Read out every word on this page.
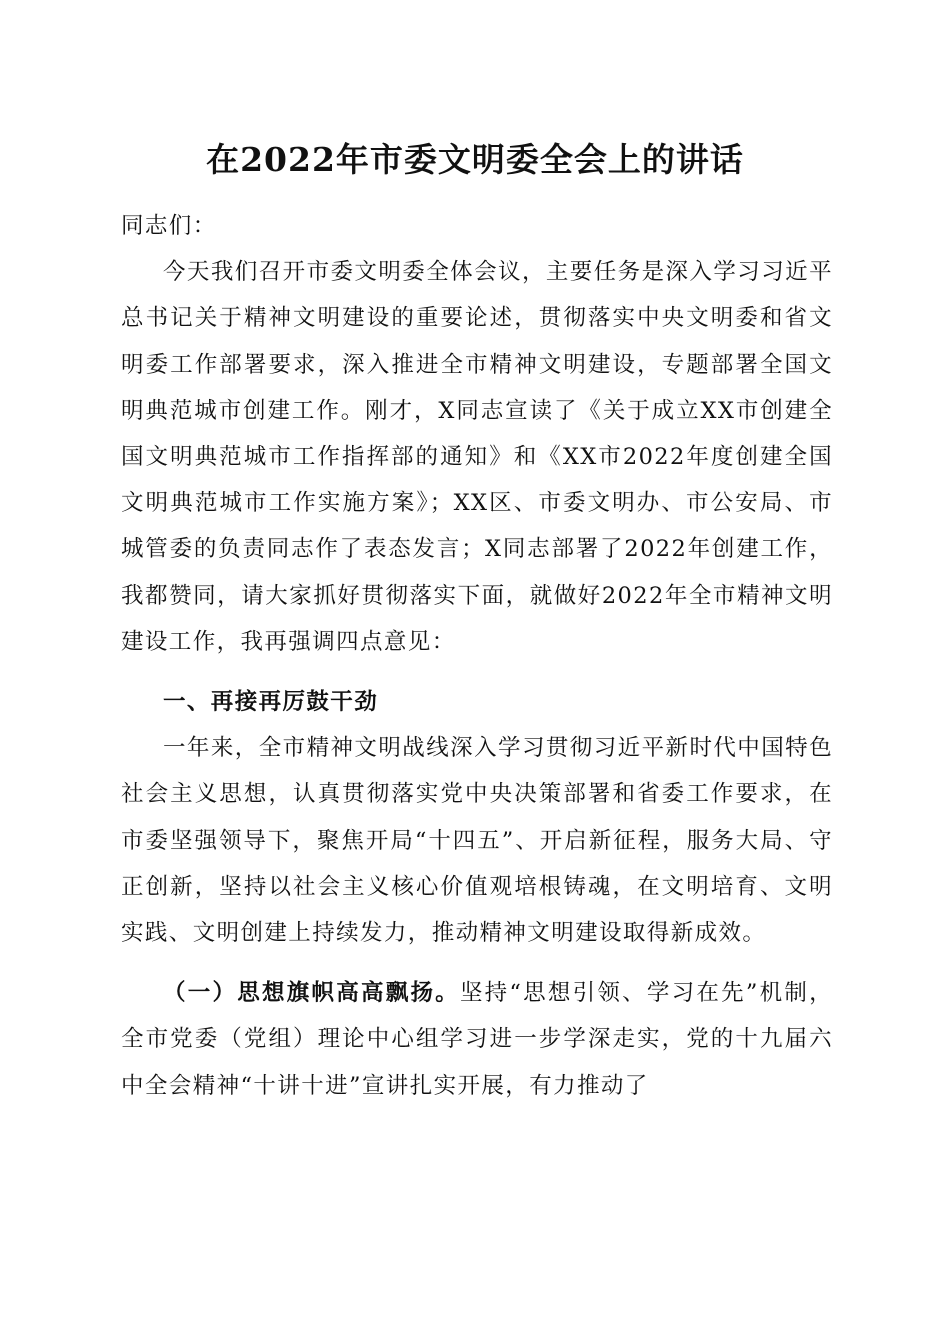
在2022年市委文明委全会上的讲话

同志们：

今天我们召开市委文明委全体会议，主要任务是深入学习习近平总书记关于精神文明建设的重要论述，贯彻落实中央文明委和省文明委工作部署要求，深入推进全市精神文明建设，专题部署全国文明典范城市创建工作。刚才，X同志宣读了《关于成立XX市创建全国文明典范城市工作指挥部的通知》和《XX市2022年度创建全国文明典范城市工作实施方案》；XX区、市委文明办、市公安局、市城管委的负责同志作了表态发言；X同志部署了2022年创建工作，我都赞同，请大家抓好贯彻落实下面，就做好2022年全市精神文明建设工作，我再强调四点意见：

一、再接再厉鼓干劲

一年来，全市精神文明战线深入学习贯彻习近平新时代中国特色社会主义思想，认真贯彻落实党中央决策部署和省委工作要求，在市委坚强领导下，聚焦开局“十四五”、开启新征程，服务大局、守正创新，坚持以社会主义核心价值观培根铸魂，在文明培育、文明实践、文明创建上持续发力，推动精神文明建设取得新成效。

（一）思想旗帜高高飘扬。坚持“思想引领、学习在先”机制，全市党委（党组）理论中心组学习进一步学深走实，党的十九届六中全会精神“十讲十进”宣讲扎实开展，有力推动了
